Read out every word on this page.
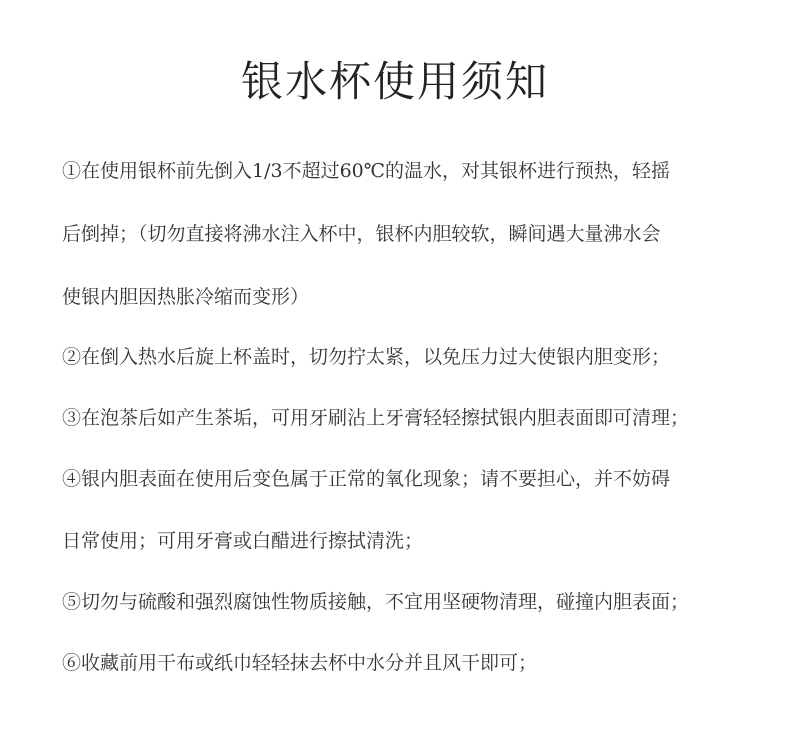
银水杯使用须知
①在使用银杯前先倒入1/3不超过60℃的温水，对其银杯进行预热，轻摇
后倒掉；（切勿直接将沸水注入杯中，银杯内胆较软，瞬间遇大量沸水会
使银内胆因热胀冷缩而变形）
②在倒入热水后旋上杯盖时，切勿拧太紧，以免压力过大使银内胆变形；
③在泡茶后如产生茶垢，可用牙刷沾上牙膏轻轻擦拭银内胆表面即可清理；
④银内胆表面在使用后变色属于正常的氧化现象；请不要担心，并不妨碍
日常使用；可用牙膏或白醋进行擦拭清洗；
⑤切勿与硫酸和强烈腐蚀性物质接触，不宜用坚硬物清理，碰撞内胆表面；
⑥收藏前用干布或纸巾轻轻抹去杯中水分并且风干即可；
